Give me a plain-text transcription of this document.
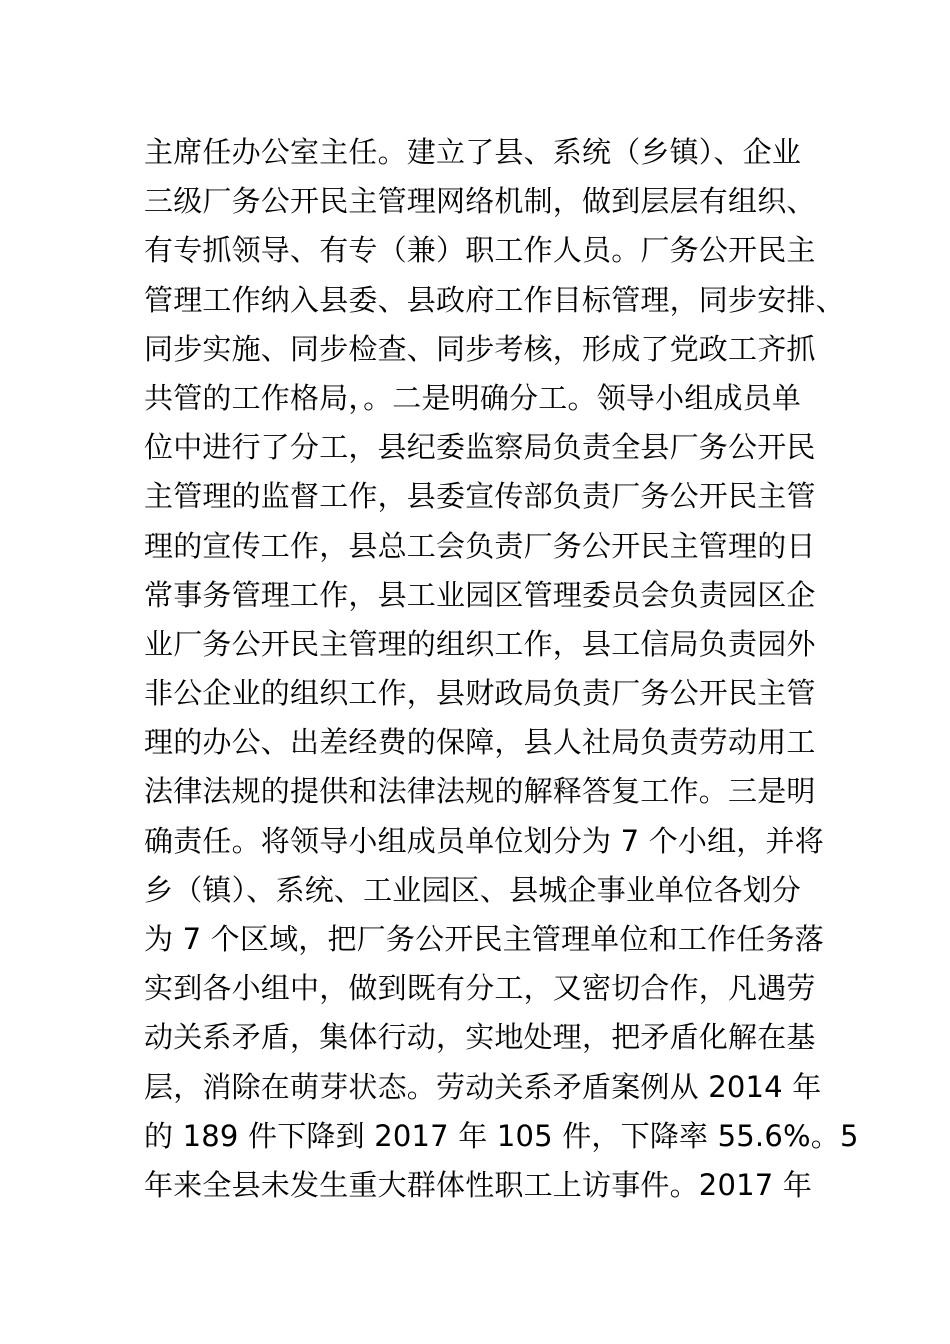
主席任办公室主任。建立了县、系统（乡镇）、企业
三级厂务公开民主管理网络机制，做到层层有组织、
有专抓领导、有专（兼）职工作人员。厂务公开民主
管理工作纳入县委、县政府工作目标管理，同步安排、
同步实施、同步检查、同步考核，形成了党政工齐抓
共管的工作格局，。二是明确分工。领导小组成员单
位中进行了分工，县纪委监察局负责全县厂务公开民
主管理的监督工作，县委宣传部负责厂务公开民主管
理的宣传工作，县总工会负责厂务公开民主管理的日
常事务管理工作，县工业园区管理委员会负责园区企
业厂务公开民主管理的组织工作，县工信局负责园外
非公企业的组织工作，县财政局负责厂务公开民主管
理的办公、出差经费的保障，县人社局负责劳动用工
法律法规的提供和法律法规的解释答复工作。三是明
确责任。将领导小组成员单位划分为 7 个小组，并将
乡（镇）、系统、工业园区、县城企事业单位各划分
为 7 个区域，把厂务公开民主管理单位和工作任务落
实到各小组中，做到既有分工，又密切合作，凡遇劳
动关系矛盾，集体行动，实地处理，把矛盾化解在基
层，消除在萌芽状态。劳动关系矛盾案例从 2014 年
的 189 件下降到 2017 年 105 件，下降率 55.6%。5
年来全县未发生重大群体性职工上访事件。2017 年
